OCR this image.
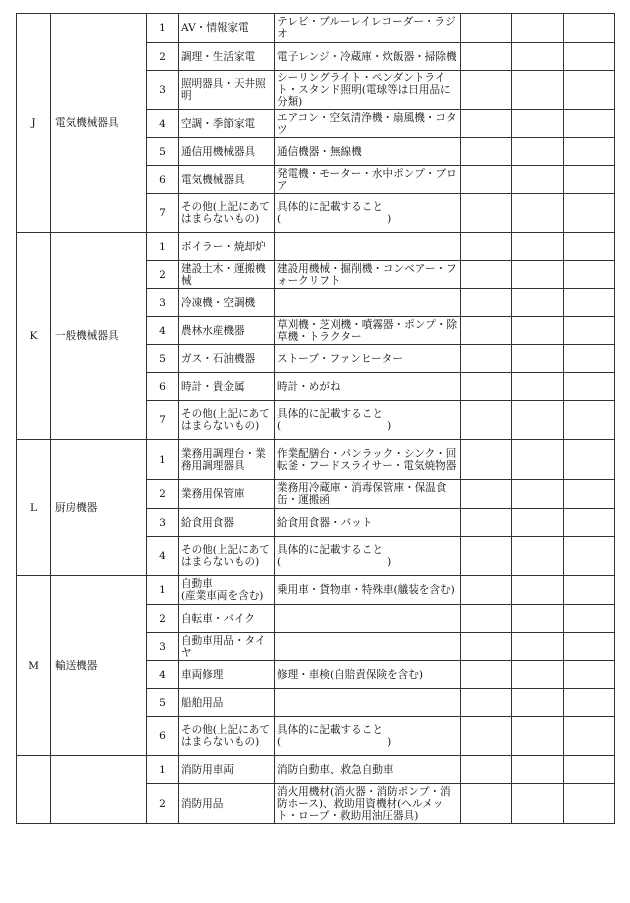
J	電気機械器具	1	AV・情報家電	テレビ・ブルーレイレコーダー・ラジオ			
		2	調理・生活家電	電子レンジ・冷蔵庫・炊飯器・掃除機			
		3	照明器具・天井照明	シーリングライト・ペンダントライト・スタンド照明(電球等は日用品に分類)			
		4	空調・季節家電	エアコン・空気清浄機・扇風機・コタツ			
		5	通信用機械器具	通信機器・無線機			
		6	電気機械器具	発電機・モーター・水中ポンプ・ブロア			
		7	その他(上記にあてはまらないもの)	具体的に記載すること
(　　　　　　　　　　)			
K	一般機械器具	1	ボイラー・焼却炉				
		2	建設土木・運搬機械	建設用機械・掘削機・コンベアー・フォークリフト			
		3	冷凍機・空調機				
		4	農林水産機器	草刈機・芝刈機・噴霧器・ポンプ・除草機・トラクター			
		5	ガス・石油機器	ストーブ・ファンヒーター			
		6	時計・貴金属	時計・めがね			
		7	その他(上記にあてはまらないもの)	具体的に記載すること
(　　　　　　　　　　)			
L	厨房機器	1	業務用調理台・業務用調理器具	作業配膳台・パンラック・シンク・回転釜・フードスライサー・電気焼物器			
		2	業務用保管庫	業務用冷蔵庫・消毒保管庫・保温食缶・運搬函			
		3	給食用食器	給食用食器・バット			
		4	その他(上記にあてはまらないもの)	具体的に記載すること
(　　　　　　　　　　)			
M	輸送機器	1	自動車
(産業車両を含む)	乗用車・貨物車・特殊車(艤装を含む)			
		2	自転車・バイク				
		3	自動車用品・タイヤ				
		4	車両修理	修理・車検(自賠責保険を含む)			
		5	船舶用品				
		6	その他(上記にあてはまらないもの)	具体的に記載すること
(　　　　　　　　　　)			
		1	消防用車両	消防自動車、救急自動車			
		2	消防用品	消火用機材(消火器・消防ポンプ・消防ホース)、救助用資機材(ヘルメット・ロープ・救助用油圧器具)			
